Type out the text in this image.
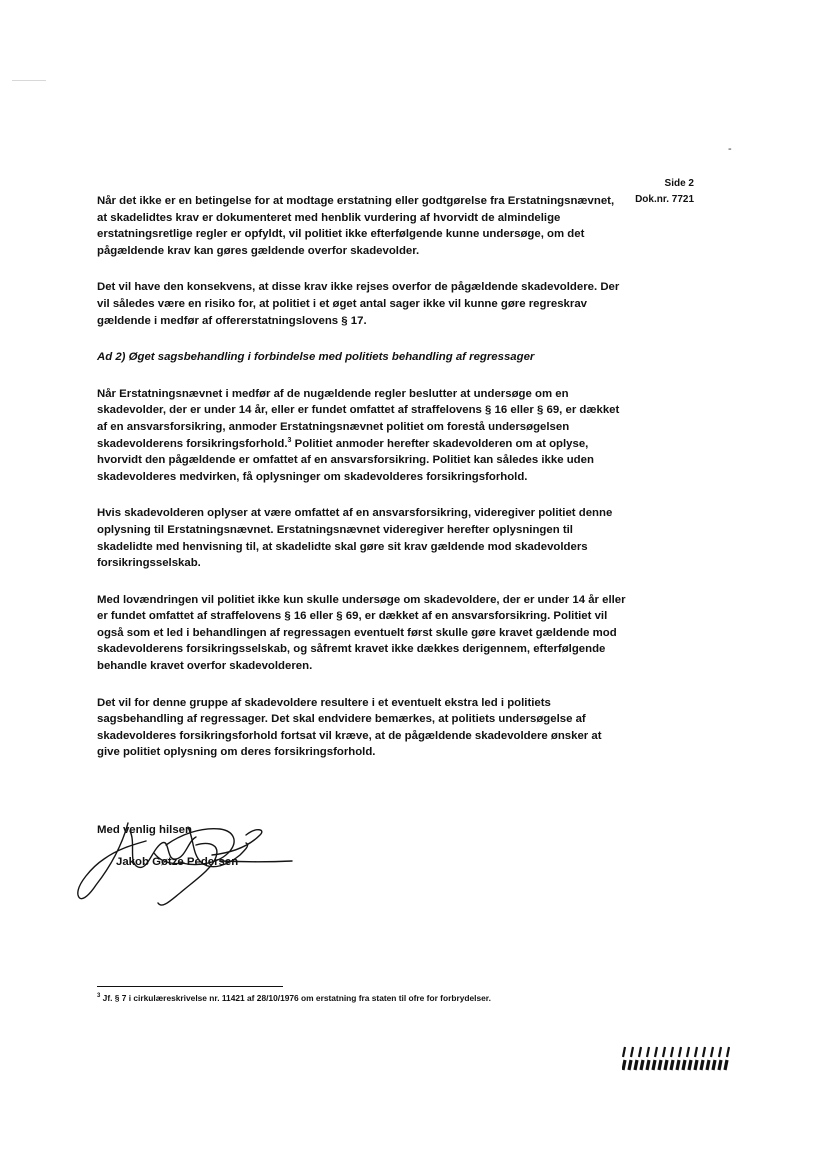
-
Side 2
Dok.nr. 7721

Når det ikke er en betingelse for at modtage erstatning eller godtgørelse fra Erstatningsnævnet, at skadelidtes krav er dokumenteret med henblik vurdering af hvorvidt de almindelige erstatningsretlige regler er opfyldt, vil politiet ikke efterfølgende kunne undersøge, om det pågældende krav kan gøres gældende overfor skadevolder.

Det vil have den konsekvens, at disse krav ikke rejses overfor de pågældende skadevoldere. Der vil således være en risiko for, at politiet i et øget antal sager ikke vil kunne gøre regreskrav gældende i medfør af offererstatningslovens § 17.

Ad 2) Øget sagsbehandling i forbindelse med politiets behandling af regressager

Når Erstatningsnævnet i medfør af de nugældende regler beslutter at undersøge om en skadevolder, der er under 14 år, eller er fundet omfattet af straffelovens § 16 eller § 69, er dækket af en ansvarsforsikring, anmoder Erstatningsnævnet politiet om forestå undersøgelsen skadevolderens forsikringsforhold.$^3$ Politiet anmoder herefter skadevolderen om at oplyse, hvorvidt den pågældende er omfattet af en ansvarsforsikring. Politiet kan således ikke uden skadevolderes medvirken, få oplysninger om skadevolderes forsikringsforhold.

Hvis skadevolderen oplyser at være omfattet af en ansvarsforsikring, videregiver politiet denne oplysning til Erstatningsnævnet. Erstatningsnævnet videregiver herefter oplysningen til skadelidte med henvisning til, at skadelidte skal gøre sit krav gældende mod skadevolders forsikringsselskab.

Med lovændringen vil politiet ikke kun skulle undersøge om skadevoldere, der er under 14 år eller er fundet omfattet af straffelovens § 16 eller § 69, er dækket af en ansvarsforsikring. Politiet vil også som et led i behandlingen af regressagen eventuelt først skulle gøre kravet gældende mod skadevolderens forsikringsselskab, og såfremt kravet ikke dækkes derigennem, efterfølgende behandle kravet overfor skadevolderen.

Det vil for denne gruppe af skadevoldere resultere i et eventuelt ekstra led i politiets sagsbehandling af regressager. Det skal endvidere bemærkes, at politiets undersøgelse af skadevolderes forsikringsforhold fortsat vil kræve, at de pågældende skadevoldere ønsker at give politiet oplysning om deres forsikringsforhold.

Med venlig hilsen
Jakob Gøtze Pedersen
$^3$ Jf. § 7 i cirkulæreskrivelse nr. 11421 af 28/10/1976 om erstatning fra staten til ofre for forbrydelser.
